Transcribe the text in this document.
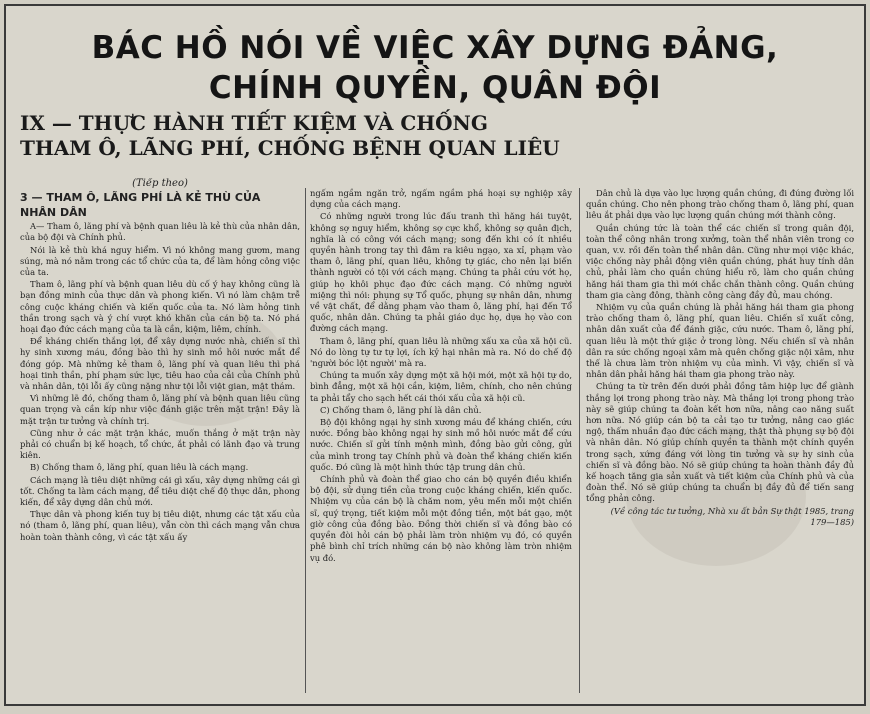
BÁC HỒ NÓI VỀ VIỆC XÂY DỰNG ĐẢNG,
CHÍNH QUYỀN, QUÂN ĐỘI
IX — THỰC HÀNH TIẾT KIỆM VÀ CHỐNG
THAM Ô, LÃNG PHÍ, CHỐNG BỆNH QUAN LIÊU

(Tiếp theo)

3 — THAM Ô, LÃNG PHÍ LÀ KẺ THÙ CỦA NHÂN DÂN

A— Tham ô, lãng phí và bệnh quan liêu là kẻ thù của nhân dân, của bộ đội và Chính phủ.

Nói là kẻ thù khá nguy hiểm. Vì nó không mang gươm, mang súng, mà nó nằm trong các tổ chức của ta, để làm hỏng công việc của ta.

Tham ô, lãng phí và bệnh quan liêu dù cố ý hay không cũng là bạn đồng minh của thực dân và phong kiến. Vì nó làm chậm trễ công cuộc kháng chiến và kiến quốc của ta. Nó làm hỏng tinh thần trong sạch và ý chí vượt khó khăn của cán bộ ta. Nó phá hoại đạo đức cách mạng của ta là cần, kiệm, liêm, chính.

Để kháng chiến thắng lợi, để xây dựng nước nhà, chiến sĩ thì hy sinh xương máu, đồng bào thì hy sinh mồ hôi nước mắt để đóng góp. Mà những kẻ tham ô, lãng phí và quan liêu thì phá hoại tinh thần, phí phạm sức lực, tiêu hao của cải của Chính phủ và nhân dân, tội lỗi ấy cũng nặng như tội lỗi việt gian, mật thám.

Vì những lẽ đó, chống tham ô, lãng phí và bệnh quan liêu cũng quan trọng và cần kíp như việc đánh giặc trên mặt trận! Đây là mặt trận tư tưởng và chính trị.

Cũng như ở các mặt trận khác, muốn thắng ở mặt trận này phải có chuẩn bị kế hoạch, tổ chức, ắt phải có lãnh đạo và trung kiên.

B) Chống tham ô, lãng phí, quan liêu là cách mạng.

Cách mạng là tiêu diệt những cái gì xấu, xây dựng những cái gì tốt. Chống ta làm cách mạng, để tiêu diệt chế độ thực dân, phong kiến, để xây dựng dân chủ mới.

Thực dân và phong kiến tuy bị tiêu diệt, nhưng các tật xấu của nó (tham ô, lãng phí, quan liêu), vẫn còn thì cách mạng vẫn chưa hoàn toàn thành công, vì các tật xấu ấy

ngấm ngầm ngăn trở, ngấm ngầm phá hoại sự nghiệp xây dựng của cách mạng.

Có những người trong lúc đấu tranh thì hăng hái tuyệt, không sợ nguy hiểm, không sợ cực khổ, không sợ quân địch, nghĩa là có công với cách mạng; song đến khi có ít nhiều quyền hành trong tay thì đâm ra kiêu ngạo, xa xỉ, phạm vào tham ô, lãng phí, quan liêu, không tự giác, cho nên lại biến thành người có tội với cách mạng. Chúng ta phải cứu vớt họ, giúp họ khôi phục đạo đức cách mạng. Có những người miệng thì nói: phụng sự Tổ quốc, phụng sự nhân dân, nhưng về vật chất, để dằng phạm vào tham ô, lãng phí, hại đến Tổ quốc, nhân dân. Chúng ta phải giáo dục họ, dựa họ vào con đường cách mạng.

Tham ô, lãng phí, quan liêu là những xấu xa của xã hội cũ. Nó do lòng tự tư tự lợi, ích kỷ hại nhân mà ra. Nó do chế độ 'người bóc lột người' mà ra.

Chúng ta muốn xây dựng một xã hội mới, một xã hội tự do, bình đẳng, một xã hội cần, kiệm, liêm, chính, cho nên chúng ta phải tẩy cho sạch hết cái thói xấu của xã hội cũ.

C) Chống tham ô, lãng phí là dân chủ.

Bộ đội không ngại hy sinh xương máu để kháng chiến, cứu nước. Đồng bào không ngại hy sinh mồ hôi nước mắt để cứu nước. Chiến sĩ gửi tính mệnh mình, đồng bào gửi công, gửi của mình trong tay Chính phủ và đoàn thể kháng chiến kiến quốc. Đó cũng là một hình thức tập trung dân chủ.

Chính phủ và đoàn thể giao cho cán bộ quyền điều khiển bộ đội, sử dụng tiền của trong cuộc kháng chiến, kiến quốc. Nhiệm vụ của cán bộ là chăm nom, yêu mến mỗi một chiến sĩ, quý trọng, tiết kiệm mỗi một đồng tiền, một bát gạo, một giờ công của đồng bào. Đồng thời chiến sĩ và đồng bào có quyền đòi hỏi cán bộ phải làm tròn nhiệm vụ đó, có quyền phê bình chỉ trích những cán bộ nào không làm tròn nhiệm vụ đó.

Dân chủ là dựa vào lực lượng quần chúng, đi đúng đường lối quần chúng. Cho nên phong trào chống tham ô, lãng phí, quan liêu ắt phải dựa vào lực lượng quần chúng mới thành công.

Quần chúng tức là toàn thể các chiến sĩ trong quân đội, toàn thể công nhân trong xưởng, toàn thể nhân viên trong cơ quan, v.v. rồi đến toàn thể nhân dân. Cũng như mọi việc khác, việc chống này phải động viên quần chúng, phát huy tính dân chủ, phải làm cho quần chúng hiểu rõ, làm cho quần chúng hăng hái tham gia thì mới chắc chắn thành công. Quần chúng tham gia càng đông, thành công càng đầy đủ, mau chóng.

Nhiệm vụ của quần chúng là phải hăng hái tham gia phong trào chống tham ô, lãng phí, quan liêu. Chiến sĩ xuất công, nhân dân xuất của để đánh giặc, cứu nước. Tham ô, lãng phí, quan liêu là một thứ giặc ở trong lòng. Nếu chiến sĩ và nhân dân ra sức chống ngoại xâm mà quên chống giặc nội xâm, như thế là chưa làm tròn nhiệm vụ của mình. Vì vậy, chiến sĩ và nhân dân phải hăng hái tham gia phong trào này.

Chúng ta từ trên đến dưới phải đồng tâm hiệp lực để giành thắng lợi trong phong trào này. Mà thắng lợi trong phong trào này sẽ giúp chúng ta đoàn kết hơn nữa, nâng cao năng suất hơn nữa. Nó giúp cán bộ ta cải tạo tư tưởng, nâng cao giác ngộ, thấm nhuần đạo đức cách mạng, thật thà phụng sự bộ đội và nhân dân. Nó giúp chính quyền ta thành một chính quyền trong sạch, xứng đáng với lòng tin tưởng và sự hy sinh của chiến sĩ và đồng bào. Nó sẽ giúp chúng ta hoàn thành đầy đủ kế hoạch tăng gia sản xuất và tiết kiệm của Chính phủ và của đoàn thể. Nó sẽ giúp chúng ta chuẩn bị đầy đủ để tiến sang tổng phản công.

(Về công tác tư tưởng, Nhà xu ất bản Sự thật 1985, trang 179—185)
